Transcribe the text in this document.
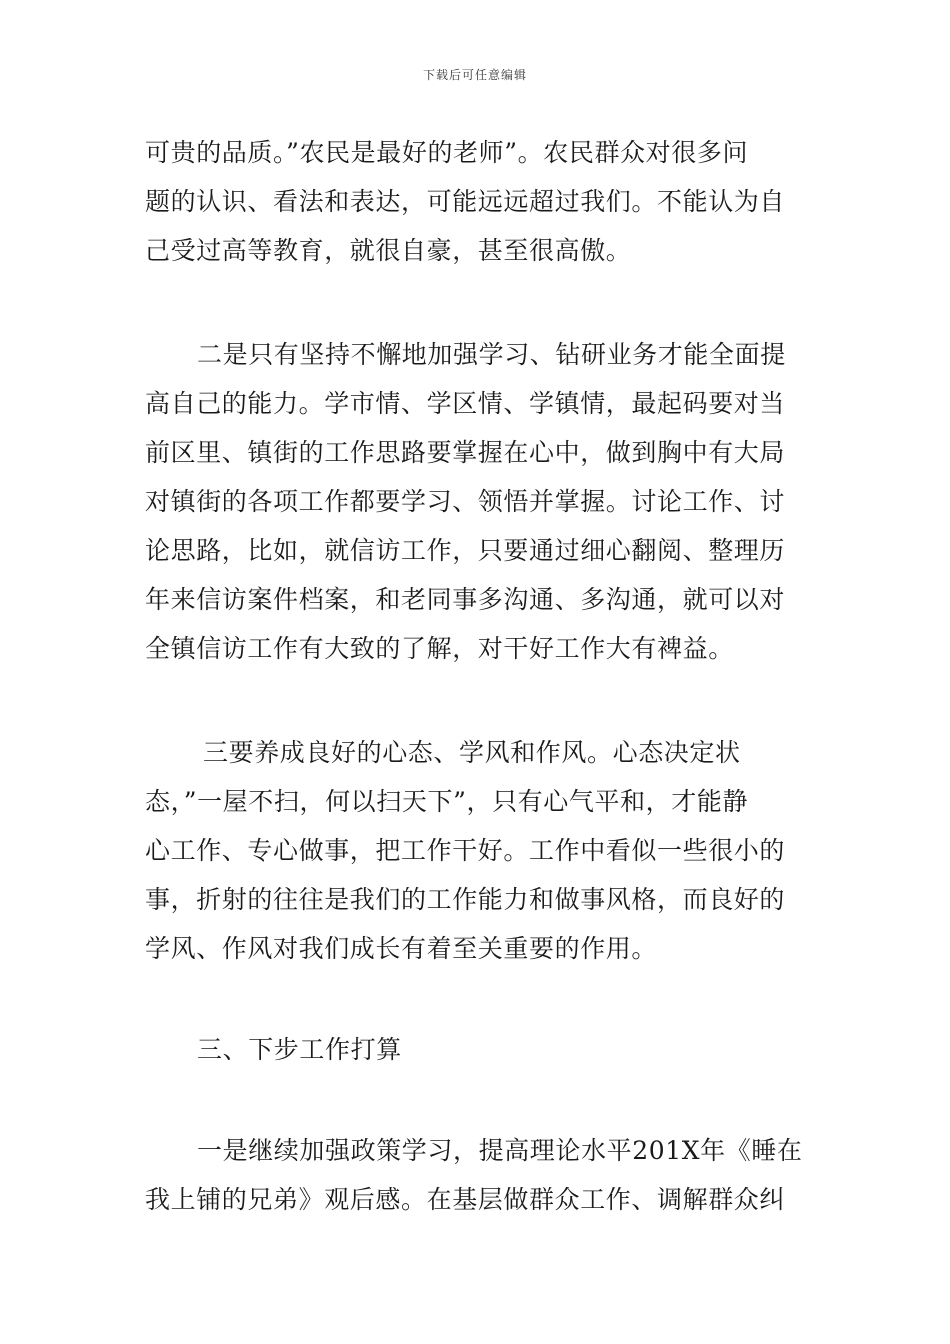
下载后可任意编辑
可贵的品质。”农民是最好的老师”。农民群众对很多问
题的认识、看法和表达，可能远远超过我们。不能认为自
己受过高等教育，就很自豪，甚至很高傲。
二是只有坚持不懈地加强学习、钻研业务才能全面提
高自己的能力。学市情、学区情、学镇情，最起码要对当
前区里、镇街的工作思路要掌握在心中，做到胸中有大局
对镇街的各项工作都要学习、领悟并掌握。讨论工作、讨
论思路，比如，就信访工作，只要通过细心翻阅、整理历
年来信访案件档案，和老同事多沟通、多沟通，就可以对
全镇信访工作有大致的了解，对干好工作大有裨益。
三要养成良好的心态、学风和作风。心态决定状
态，”一屋不扫，何以扫天下”，只有心气平和，才能静
心工作、专心做事，把工作干好。工作中看似一些很小的
事，折射的往往是我们的工作能力和做事风格，而良好的
学风、作风对我们成长有着至关重要的作用。
三、下步工作打算
一是继续加强政策学习，提高理论水平201X年《睡在
我上铺的兄弟》观后感。在基层做群众工作、调解群众纠
